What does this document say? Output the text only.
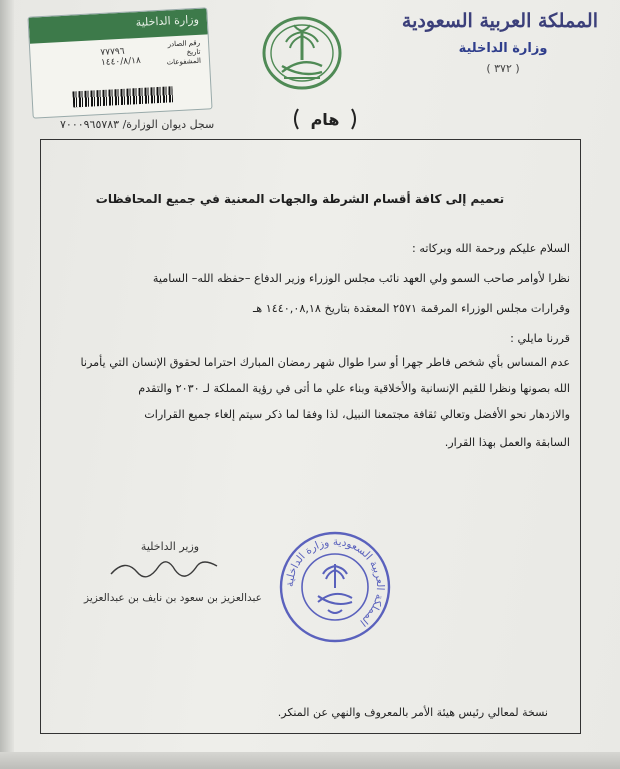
المملكة العربية السعودية
وزارة الداخلية
( ٣٧٢ )
وزارة الداخلية
رقم الصادر
تاريخ
المشفوعات
٧٧٧٩٦
١٤٤٠/٨/١٨
سجل ديوان الوزارة/ ٧٠٠٠٩٦٥٧٨٣	هام
تعميم إلى كافة أقسام الشرطة والجهات المعنية في جميع المحافظات
السلام عليكم ورحمة الله وبركاته :
نظرا لأوامر صاحب السمو ولي العهد نائب مجلس الوزراء وزير الدفاع –حفظه الله– السامية
وقرارات مجلس الوزراء المرقمة ٢٥٧١ المعقدة بتاريخ ١٤٤٠,٠٨,١٨ هـ
قررنا مايلي :
عدم المساس بأي شخص فاطر جهرا أو سرا طوال شهر رمضان المبارك احتراما لحقوق الإنسان التي يأمرنا
الله بصونها ونظرا للقيم الإنسانية والأخلاقية وبناء علي ما أتى في رؤية المملكة لـ ٢٠٣٠ والتقدم
والازدهار نحو الأفضل وتعالي ثقافة مجتمعنا النبيل، لذا وفقا لما ذكر سيتم إلغاء جميع القرارات
السابقة والعمل بهذا القرار.
وزير الداخلية
عبدالعزيز بن سعود بن نايف بن عبدالعزيز
المملكة العربية السعودية وزارة الداخلية
نسخة لمعالي رئيس هيئة الأمر بالمعروف والنهي عن المنكر.
